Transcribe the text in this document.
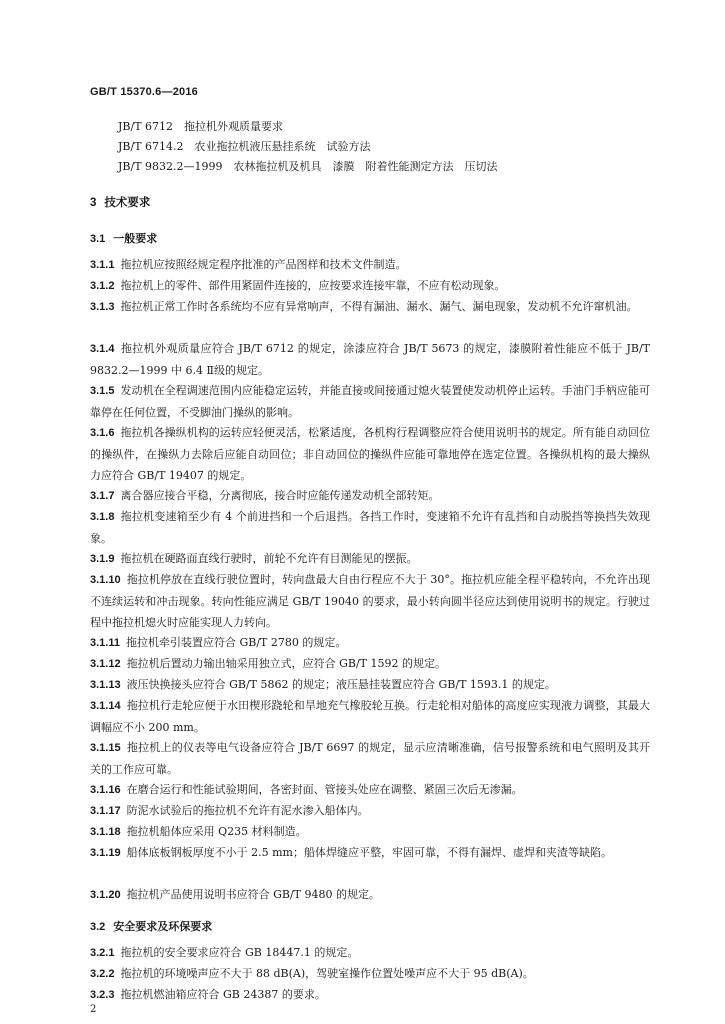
GB/T 15370.6—2016
JB/T 6712　拖拉机外观质量要求
JB/T 6714.2　农业拖拉机液压悬挂系统　试验方法
JB/T 9832.2—1999　农林拖拉机及机具　漆膜　附着性能测定方法　压切法
3 技术要求
3.1 一般要求
3.1.1 拖拉机应按照经规定程序批准的产品图样和技术文件制造。
3.1.2 拖拉机上的零件、部件用紧固件连接的，应按要求连接牢靠，不应有松动现象。
3.1.3 拖拉机正常工作时各系统均不应有异常响声，不得有漏油、漏水、漏气、漏电现象，发动机不允许窜机油。
3.1.4 拖拉机外观质量应符合 JB/T 6712 的规定，涂漆应符合 JB/T 5673 的规定，漆膜附着性能应不低于 JB/T 9832.2—1999 中 6.4 Ⅱ级的规定。
3.1.5 发动机在全程调速范围内应能稳定运转，并能直接或间接通过熄火装置使发动机停止运转。手油门手柄应能可靠停在任何位置，不受脚油门操纵的影响。
3.1.6 拖拉机各操纵机构的运转应轻便灵活，松紧适度，各机构行程调整应符合使用说明书的规定。所有能自动回位的操纵件，在操纵力去除后应能自动回位；非自动回位的操纵件应能可靠地停在选定位置。各操纵机构的最大操纵力应符合 GB/T 19407 的规定。
3.1.7 离合器应接合平稳，分离彻底，接合时应能传递发动机全部转矩。
3.1.8 拖拉机变速箱至少有 4 个前进挡和一个后退挡。各挡工作时，变速箱不允许有乱挡和自动脱挡等换挡失效现象。
3.1.9 拖拉机在硬路面直线行驶时，前轮不允许有目测能见的摆振。
3.1.10 拖拉机停放在直线行驶位置时，转向盘最大自由行程应不大于 30°。拖拉机应能全程平稳转向，不允许出现不连续运转和冲击现象。转向性能应满足 GB/T 19040 的要求，最小转向圆半径应达到使用说明书的规定。行驶过程中拖拉机熄火时应能实现人力转向。
3.1.11 拖拉机牵引装置应符合 GB/T 2780 的规定。
3.1.12 拖拉机后置动力输出轴采用独立式，应符合 GB/T 1592 的规定。
3.1.13 液压快换接头应符合 GB/T 5862 的规定；液压悬挂装置应符合 GB/T 1593.1 的规定。
3.1.14 拖拉机行走轮应便于水田楔形跷轮和旱地充气橡胶轮互换。行走轮相对船体的高度应实现液力调整，其最大调幅应不小 200 mm。
3.1.15 拖拉机上的仪表等电气设备应符合 JB/T 6697 的规定，显示应清晰准确，信号报警系统和电气照明及其开关的工作应可靠。
3.1.16 在磨合运行和性能试验期间，各密封面、管接头处应在调整、紧固三次后无渗漏。
3.1.17 防泥水试验后的拖拉机不允许有泥水渗入船体内。
3.1.18 拖拉机船体应采用 Q235 材料制造。
3.1.19 船体底板钢板厚度不小于 2.5 mm；船体焊缝应平整，牢固可靠，不得有漏焊、虚焊和夹渣等缺陷。
3.1.20 拖拉机产品使用说明书应符合 GB/T 9480 的规定。
3.2 安全要求及环保要求
3.2.1 拖拉机的安全要求应符合 GB 18447.1 的规定。
3.2.2 拖拉机的环境噪声应不大于 88 dB(A)，驾驶室操作位置处噪声应不大于 95 dB(A)。
3.2.3 拖拉机燃油箱应符合 GB 24387 的要求。
2
